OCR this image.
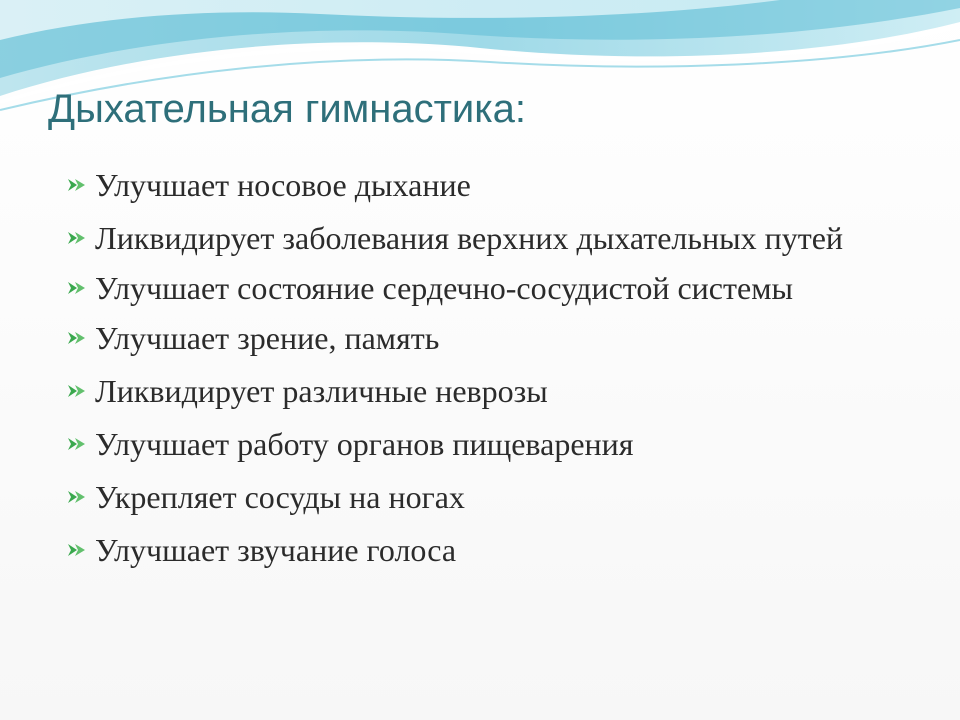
Дыхательная гимнастика:
Улучшает носовое дыхание
Ликвидирует заболевания верхних дыхательных путей
Улучшает состояние сердечно-сосудистой системы
Улучшает зрение, память
Ликвидирует различные неврозы
Улучшает работу органов пищеварения
Укрепляет сосуды на ногах
Улучшает звучание голоса
